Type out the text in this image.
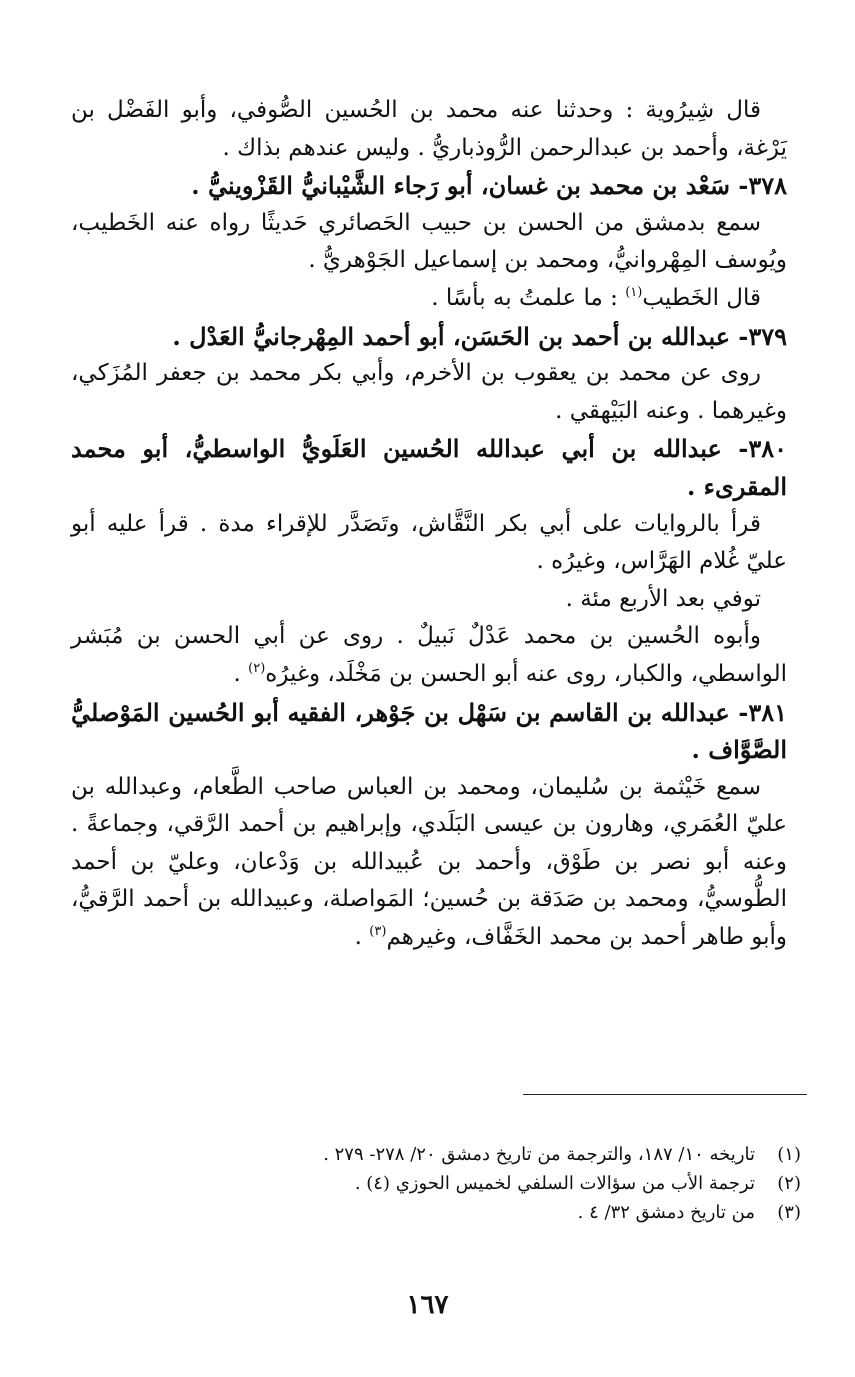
قال شِيرُوية : وحدثنا عنه محمد بن الحُسين الصُّوفي، وأبو الفَضْل بن يَرْغة، وأحمد بن عبدالرحمن الرُّوذباريُّ . وليس عندهم بذاك .

٣٧٨- سَعْد بن محمد بن غسان، أبو رَجاء الشَّيْبانيُّ القَزْوينيُّ .

سمع بدمشق من الحسن بن حبيب الحَصائري حَديثًا رواه عنه الخَطيب، ويُوسف المِهْروانيُّ، ومحمد بن إسماعيل الجَوْهريُّ .

قال الخَطيب$^{(١)}$ : ما علمتُ به بأسًا .

٣٧٩- عبدالله بن أحمد بن الحَسَن، أبو أحمد المِهْرجانيُّ العَدْل .

روى عن محمد بن يعقوب بن الأخرم، وأبي بكر محمد بن جعفر المُزَكي، وغيرهما . وعنه البَيْهقي .

٣٨٠- عبدالله بن أبي عبدالله الحُسين العَلَويُّ الواسطيُّ، أبو محمد المقرىء .

قرأ بالروايات على أبي بكر النَّقَّاش، وتَصَدَّر للإقراء مدة . قرأ عليه أبو عليّ غُلام الهَرَّاس، وغيرُه .

توفي بعد الأربع مئة .

وأبوه الحُسين بن محمد عَدْلٌ نَبيلٌ . روى عن أبي الحسن بن مُبَشر الواسطي، والكبار، روى عنه أبو الحسن بن مَخْلَد، وغيرُه$^{(٢)}$ .

٣٨١- عبدالله بن القاسم بن سَهْل بن جَوْهر، الفقيه أبو الحُسين المَوْصليُّ الصَّوَّاف .

سمع خَيْثمة بن سُليمان، ومحمد بن العباس صاحب الطَّعام، وعبدالله بن عليّ العُمَري، وهارون بن عيسى البَلَدي، وإبراهيم بن أحمد الرَّقي، وجماعةً . وعنه أبو نصر بن طَوْق، وأحمد بن عُبيدالله بن وَدْعان، وعليّ بن أحمد الطُّوسيُّ، ومحمد بن صَدَقة بن حُسين؛ المَواصلة، وعبيدالله بن أحمد الرَّقيُّ، وأبو طاهر أحمد بن محمد الخَفَّاف، وغيرهم$^{(٣)}$ .

(١)
تاريخه ١٠/ ١٨٧، والترجمة من تاريخ دمشق ٢٠/ ٢٧٨- ٢٧٩ .
(٢)
ترجمة الأب من سؤالات السلفي لخميس الحوزي (٤) .
(٣)
من تاريخ دمشق ٣٢/ ٤ .
١٦٧
